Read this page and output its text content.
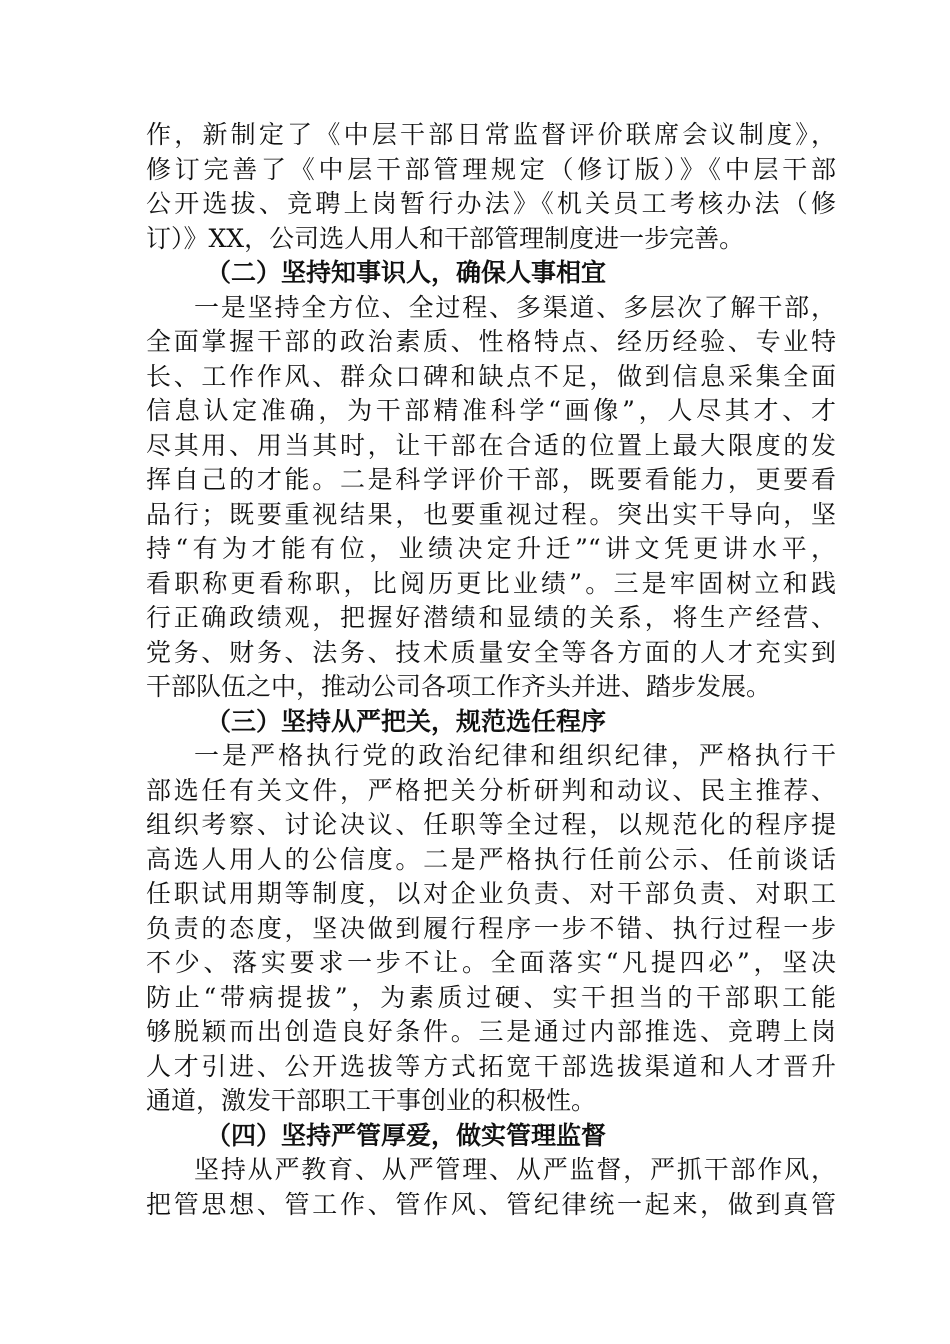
作，新制定了《中层干部日常监督评价联席会议制度》，
修订完善了《中层干部管理规定（修订版）》《中层干部
公开选拔、竞聘上岗暂行办法》《机关员工考核办法（修
订）》XX，公司选人用人和干部管理制度进一步完善。
（二）坚持知事识人，确保人事相宜
一是坚持全方位、全过程、多渠道、多层次了解干部，
全面掌握干部的政治素质、性格特点、经历经验、专业特
长、工作作风、群众口碑和缺点不足，做到信息采集全面
信息认定准确，为干部精准科学“画像”，人尽其才、才
尽其用、用当其时，让干部在合适的位置上最大限度的发
挥自己的才能。二是科学评价干部，既要看能力，更要看
品行；既要重视结果，也要重视过程。突出实干导向，坚
持“有为才能有位，业绩决定升迁”“讲文凭更讲水平，
看职称更看称职，比阅历更比业绩”。三是牢固树立和践
行正确政绩观，把握好潜绩和显绩的关系，将生产经营、
党务、财务、法务、技术质量安全等各方面的人才充实到
干部队伍之中，推动公司各项工作齐头并进、踏步发展。
（三）坚持从严把关，规范选任程序
一是严格执行党的政治纪律和组织纪律，严格执行干
部选任有关文件，严格把关分析研判和动议、民主推荐、
组织考察、讨论决议、任职等全过程，以规范化的程序提
高选人用人的公信度。二是严格执行任前公示、任前谈话
任职试用期等制度，以对企业负责、对干部负责、对职工
负责的态度，坚决做到履行程序一步不错、执行过程一步
不少、落实要求一步不让。全面落实“凡提四必”，坚决
防止“带病提拔”，为素质过硬、实干担当的干部职工能
够脱颖而出创造良好条件。三是通过内部推选、竞聘上岗
人才引进、公开选拔等方式拓宽干部选拔渠道和人才晋升
通道，激发干部职工干事创业的积极性。
（四）坚持严管厚爱，做实管理监督
坚持从严教育、从严管理、从严监督，严抓干部作风，
把管思想、管工作、管作风、管纪律统一起来，做到真管
